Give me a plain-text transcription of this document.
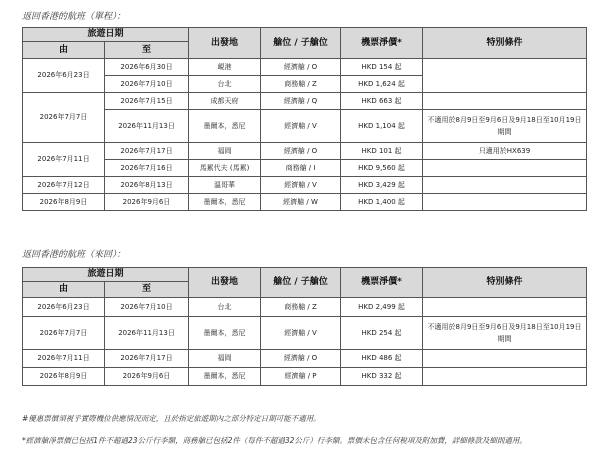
返回香港的航班（單程）：
旅遊日期		出發地	艙位 / 子艙位	機票淨價*	特別條件
由	至				
2026年6月23日	2026年6月30日	峴港	經濟艙 / O	HKD 154 起	
	2026年7月10日	台北	商務艙 / Z	HKD 1,624 起	
2026年7月7日	2026年7月15日	成都天府	經濟艙 / Q	HKD 663 起	
	2026年11月13日	墨爾本，悉尼	經濟艙 / V	HKD 1,104 起	不適用於8月9日至9月6日及9月18日至10月19日期間
2026年7月11日	2026年7月17日	福岡	經濟艙 / O	HKD 101 起	只適用於HX639
	2026年7月16日	馬累代夫 (馬累)	商務艙 / I	HKD 9,560 起	
2026年7月12日	2026年8月13日	溫哥華	經濟艙 / V	HKD 3,429 起	
2026年8月9日	2026年9月6日	墨爾本，悉尼	經濟艙 / W	HKD 1,400 起	
返回香港的航班（來回）：
旅遊日期		出發地	艙位 / 子艙位	機票淨價*	特別條件
由	至				
2026年6月23日	2026年7月10日	台北	商務艙 / Z	HKD 2,499 起	
2026年7月7日	2026年11月13日	墨爾本，悉尼	經濟艙 / V	HKD 254 起	不適用於8月9日至9月6日及9月18日至10月19日期間
2026年7月11日	2026年7月17日	福岡	經濟艙 / O	HKD 486 起	
2026年8月9日	2026年9月6日	墨爾本，悉尼	經濟艙 / P	HKD 332 起	
#優惠票價須視乎實際機位供應情況而定，且於指定旅遊期內之部分特定日期可能不適用。
*經濟艙淨票價已包括1件不超過23公斤行李額，商務艙已包括2件（每件不超過32公斤）行李額。票價未包含任何稅項及附加費，詳細條款及細則適用。
